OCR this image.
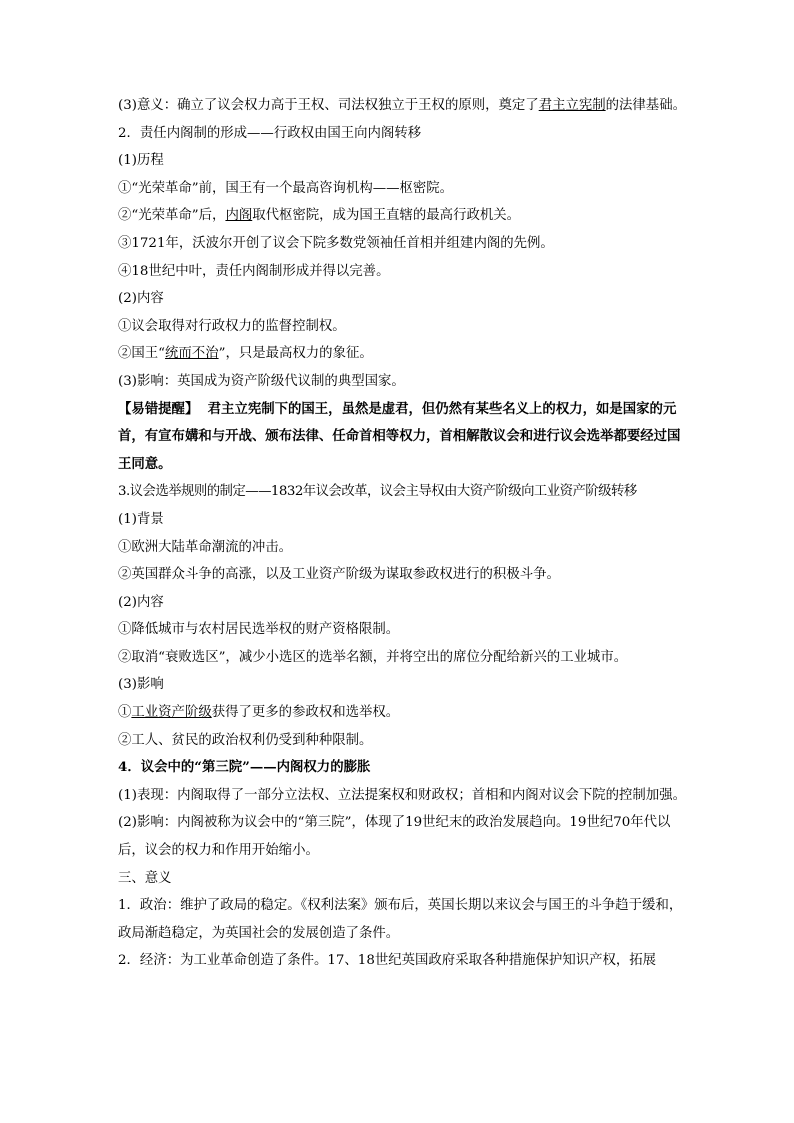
(3)意义：确立了议会权力高于王权、司法权独立于王权的原则，奠定了君主立宪制的法律基础。
2．责任内阁制的形成——行政权由国王向内阁转移
(1)历程
①“光荣革命”前，国王有一个最高咨询机构——枢密院。
②“光荣革命”后，内阁取代枢密院，成为国王直辖的最高行政机关。
③1721年，沃波尔开创了议会下院多数党领袖任首相并组建内阁的先例。
④18世纪中叶，责任内阁制形成并得以完善。
(2)内容
①议会取得对行政权力的监督控制权。
②国王“统而不治”，只是最高权力的象征。
(3)影响：英国成为资产阶级代议制的典型国家。
【易错提醒】 君主立宪制下的国王，虽然是虚君，但仍然有某些名义上的权力，如是国家的元首，有宣布媾和与开战、颁布法律、任命首相等权力，首相解散议会和进行议会选举都要经过国王同意。
3.议会选举规则的制定——1832年议会改革，议会主导权由大资产阶级向工业资产阶级转移
(1)背景
①欧洲大陆革命潮流的冲击。
②英国群众斗争的高涨，以及工业资产阶级为谋取参政权进行的积极斗争。
(2)内容
①降低城市与农村居民选举权的财产资格限制。
②取消“衰败选区”，减少小选区的选举名额，并将空出的席位分配给新兴的工业城市。
(3)影响
①工业资产阶级获得了更多的参政权和选举权。
②工人、贫民的政治权利仍受到种种限制。
4．议会中的“第三院”——内阁权力的膨胀
(1)表现：内阁取得了一部分立法权、立法提案权和财政权；首相和内阁对议会下院的控制加强。
(2)影响：内阁被称为议会中的“第三院”，体现了19世纪末的政治发展趋向。19世纪70年代以后，议会的权力和作用开始缩小。
三、意义
1．政治：维护了政局的稳定。《权利法案》颁布后，英国长期以来议会与国王的斗争趋于缓和，政局渐趋稳定，为英国社会的发展创造了条件。
2．经济：为工业革命创造了条件。17、18世纪英国政府采取各种措施保护知识产权，拓展
